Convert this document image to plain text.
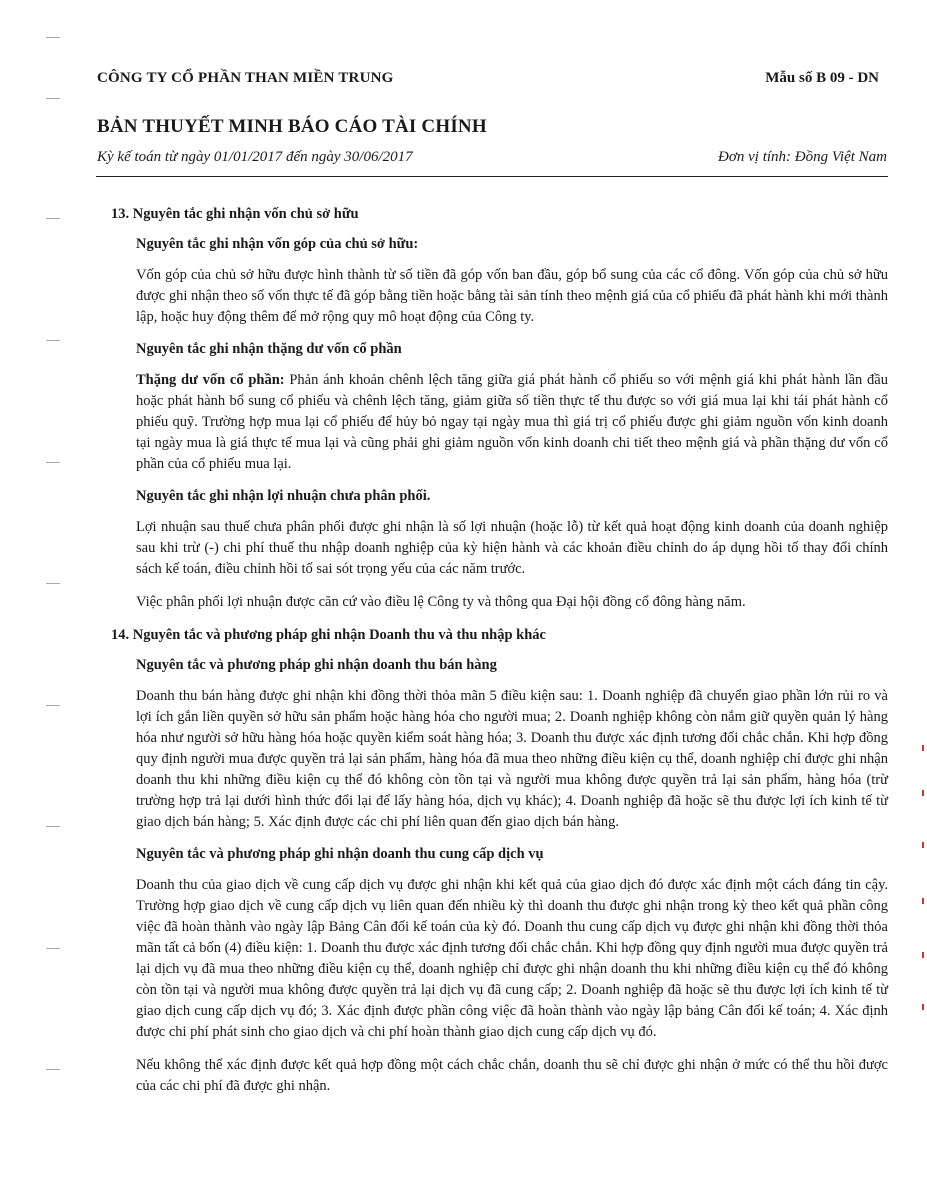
CÔNG TY CỔ PHẦN THAN MIỀN TRUNG	Mẫu số B 09 - DN

BẢN THUYẾT MINH BÁO CÁO TÀI CHÍNH

Kỳ kế toán từ ngày 01/01/2017 đến ngày 30/06/2017	Đơn vị tính: Đồng Việt Nam

13. Nguyên tắc ghi nhận vốn chủ sở hữu
Nguyên tắc ghi nhận vốn góp của chủ sở hữu:

Vốn góp của chủ sở hữu được hình thành từ số tiền đã góp vốn ban đầu, góp bổ sung của các cổ đông. Vốn góp của chủ sở hữu được ghi nhận theo số vốn thực tế đã góp bằng tiền hoặc bằng tài sản tính theo mệnh giá của cổ phiếu đã phát hành khi mới thành lập, hoặc huy động thêm để mở rộng quy mô hoạt động của Công ty.

Nguyên tắc ghi nhận thặng dư vốn cổ phần

Thặng dư vốn cổ phần: Phản ánh khoản chênh lệch tăng giữa giá phát hành cổ phiếu so với mệnh giá khi phát hành lần đầu hoặc phát hành bổ sung cổ phiếu và chênh lệch tăng, giảm giữa số tiền thực tế thu được so với giá mua lại khi tái phát hành cổ phiếu quỹ. Trường hợp mua lại cổ phiếu để hủy bỏ ngay tại ngày mua thì giá trị cổ phiếu được ghi giảm nguồn vốn kinh doanh tại ngày mua là giá thực tế mua lại và cũng phải ghi giảm nguồn vốn kinh doanh chi tiết theo mệnh giá và phần thặng dư vốn cổ phần của cổ phiếu mua lại.

Nguyên tắc ghi nhận lợi nhuận chưa phân phối.

Lợi nhuận sau thuế chưa phân phối được ghi nhận là số lợi nhuận (hoặc lỗ) từ kết quả hoạt động kinh doanh của doanh nghiệp sau khi trừ (-) chi phí thuế thu nhập doanh nghiệp của kỳ hiện hành và các khoản điều chỉnh do áp dụng hồi tố thay đổi chính sách kế toán, điều chỉnh hồi tố sai sót trọng yếu của các năm trước.

Việc phân phối lợi nhuận được căn cứ vào điều lệ Công ty và thông qua Đại hội đồng cổ đông hàng năm.

14. Nguyên tắc và phương pháp ghi nhận Doanh thu và thu nhập khác
Nguyên tắc và phương pháp ghi nhận doanh thu bán hàng

Doanh thu bán hàng được ghi nhận khi đồng thời thỏa mãn 5 điều kiện sau: 1. Doanh nghiệp đã chuyển giao phần lớn rủi ro và lợi ích gắn liền quyền sở hữu sản phẩm hoặc hàng hóa cho người mua; 2. Doanh nghiệp không còn nắm giữ quyền quản lý hàng hóa như người sở hữu hàng hóa hoặc quyền kiểm soát hàng hóa; 3. Doanh thu được xác định tương đối chắc chắn. Khi hợp đồng quy định người mua được quyền trả lại sản phẩm, hàng hóa đã mua theo những điều kiện cụ thể, doanh nghiệp chỉ được ghi nhận doanh thu khi những điều kiện cụ thể đó không còn tồn tại và người mua không được quyền trả lại sản phẩm, hàng hóa (trừ trường hợp trả lại dưới hình thức đổi lại để lấy hàng hóa, dịch vụ khác); 4. Doanh nghiệp đã hoặc sẽ thu được lợi ích kinh tế từ giao dịch bán hàng; 5. Xác định được các chi phí liên quan đến giao dịch bán hàng.

Nguyên tắc và phương pháp ghi nhận doanh thu cung cấp dịch vụ

Doanh thu của giao dịch về cung cấp dịch vụ được ghi nhận khi kết quả của giao dịch đó được xác định một cách đáng tin cậy. Trường hợp giao dịch về cung cấp dịch vụ liên quan đến nhiều kỳ thì doanh thu được ghi nhận trong kỳ theo kết quả phần công việc đã hoàn thành vào ngày lập Bảng Cân đối kế toán của kỳ đó. Doanh thu cung cấp dịch vụ được ghi nhận khi đồng thời thỏa mãn tất cả bốn (4) điều kiện: 1. Doanh thu được xác định tương đối chắc chắn. Khi hợp đồng quy định người mua được quyền trả lại dịch vụ đã mua theo những điều kiện cụ thể, doanh nghiệp chỉ được ghi nhận doanh thu khi những điều kiện cụ thể đó không còn tồn tại và người mua không được quyền trả lại dịch vụ đã cung cấp; 2. Doanh nghiệp đã hoặc sẽ thu được lợi ích kinh tế từ giao dịch cung cấp dịch vụ đó; 3. Xác định được phần công việc đã hoàn thành vào ngày lập bảng Cân đối kế toán; 4. Xác định được chi phí phát sinh cho giao dịch và chi phí hoàn thành giao dịch cung cấp dịch vụ đó.

Nếu không thể xác định được kết quả hợp đồng một cách chắc chắn, doanh thu sẽ chỉ được ghi nhận ở mức có thể thu hồi được của các chi phí đã được ghi nhận.
